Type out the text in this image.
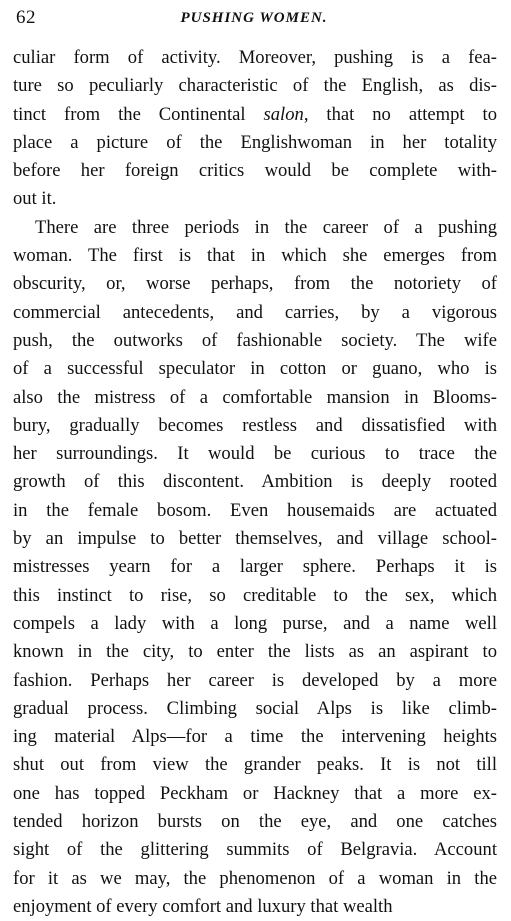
62	PUSHING WOMEN.
culiar form of activity. Moreover, pushing is a fea-
ture so peculiarly characteristic of the English, as dis-
tinct from the Continental salon, that no attempt to
place a picture of the Englishwoman in her totality
before her foreign critics would be complete with-
out it.
There are three periods in the career of a pushing
woman. The first is that in which she emerges from
obscurity, or, worse perhaps, from the notoriety of
commercial antecedents, and carries, by a vigorous
push, the outworks of fashionable society. The wife
of a successful speculator in cotton or guano, who is
also the mistress of a comfortable mansion in Blooms-
bury, gradually becomes restless and dissatisfied with
her surroundings. It would be curious to trace the
growth of this discontent. Ambition is deeply rooted
in the female bosom. Even housemaids are actuated
by an impulse to better themselves, and village school-
mistresses yearn for a larger sphere. Perhaps it is
this instinct to rise, so creditable to the sex, which
compels a lady with a long purse, and a name well
known in the city, to enter the lists as an aspirant to
fashion. Perhaps her career is developed by a more
gradual process. Climbing social Alps is like climb-
ing material Alps—for a time the intervening heights
shut out from view the grander peaks. It is not till
one has topped Peckham or Hackney that a more ex-
tended horizon bursts on the eye, and one catches
sight of the glittering summits of Belgravia. Account
for it as we may, the phenomenon of a woman in the
enjoyment of every comfort and luxury that wealth
